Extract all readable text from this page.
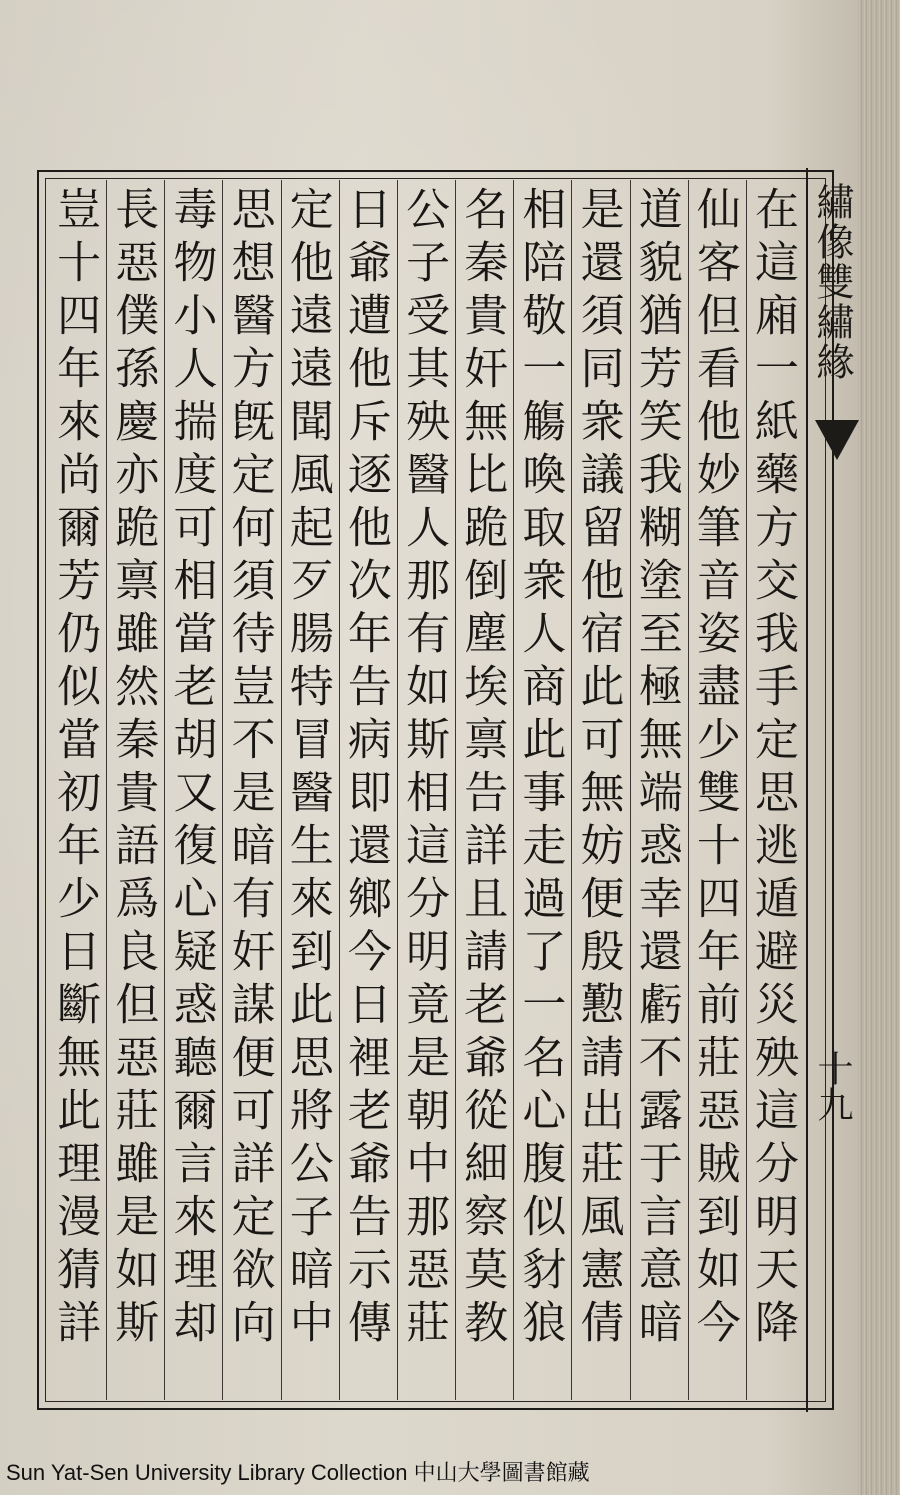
繡像雙繡緣
十九
在這廂一紙藥方交我手定思逃遁避災殃這分明天降
仙客但看他妙筆音姿盡少雙十四年前莊惡賊到如今
道貌猶芳笑我糊塗至極無端惑幸還虧不露于言意暗
是還須同衆議留他宿此可無妨便殷懃請出莊風憲倩
相陪敬一觴喚取衆人商此事走過了一名心腹似豺狼
名秦貴奸無比跪倒塵埃禀告詳且請老爺從細察莫教
公子受其殃醫人那有如斯相這分明竟是朝中那惡莊
日爺遭他斥逐他次年告病即還鄉今日裡老爺告示傳
定他遠遠聞風起歹腸特冒醫生來到此思將公子暗中
思想醫方旣定何須待豈不是暗有奸謀便可詳定欲向
毒物小人揣度可相當老胡又復心疑惑聽爾言來理却
長惡僕孫慶亦跪禀雖然秦貴語爲良但惡莊雖是如斯
豈十四年來尚爾芳仍似當初年少日斷無此理漫猜詳
Sun Yat-Sen University Library Collection 中山大學圖書館藏
